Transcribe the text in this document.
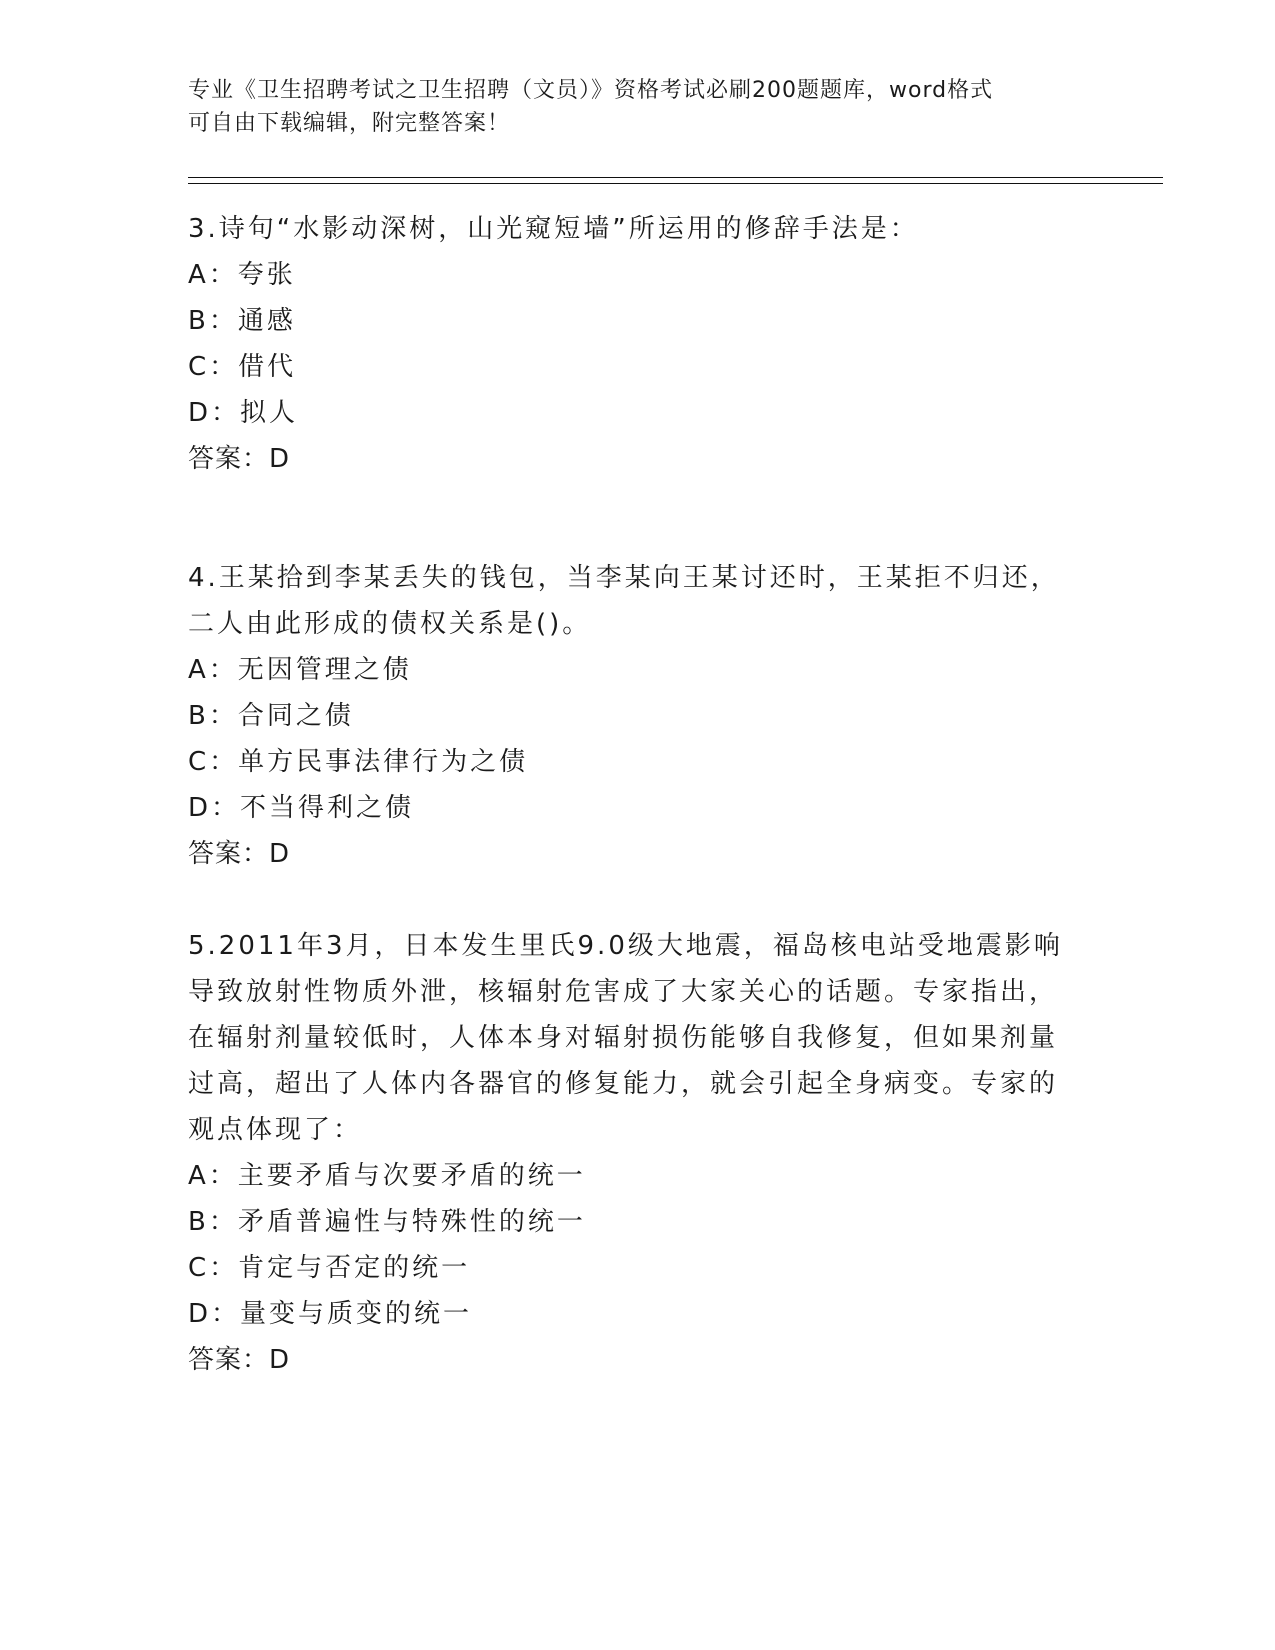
专业《卫生招聘考试之卫生招聘（文员）》资格考试必刷200题题库，word格式
可自由下载编辑，附完整答案！
3.诗句“水影动深树，山光窥短墙”所运用的修辞手法是：
A：夸张
B：通感
C：借代
D：拟人
答案：D
4.王某拾到李某丢失的钱包，当李某向王某讨还时，王某拒不归还，
二人由此形成的债权关系是()。
A：无因管理之债
B：合同之债
C：单方民事法律行为之债
D：不当得利之债
答案：D
5.2011年3月，日本发生里氏9.0级大地震，福岛核电站受地震影响
导致放射性物质外泄，核辐射危害成了大家关心的话题。专家指出，
在辐射剂量较低时，人体本身对辐射损伤能够自我修复，但如果剂量
过高，超出了人体内各器官的修复能力，就会引起全身病变。专家的
观点体现了：
A：主要矛盾与次要矛盾的统一
B：矛盾普遍性与特殊性的统一
C：肯定与否定的统一
D：量变与质变的统一
答案：D
